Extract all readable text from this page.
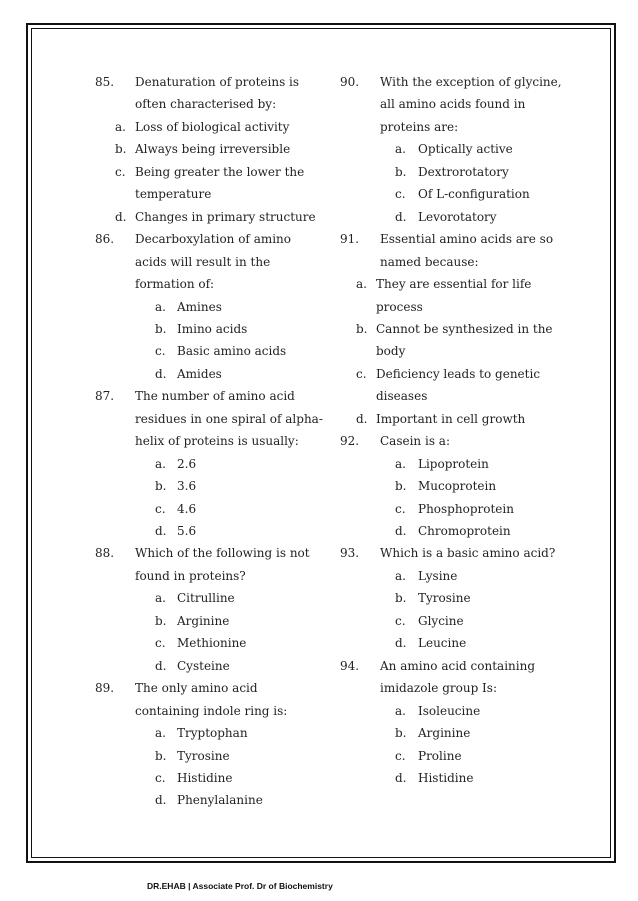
85. Denaturation of proteins is
often characterised by:
a. Loss of biological activity
b. Always being irreversible
c. Being greater the lower the
temperature
d. Changes in primary structure
86. Decarboxylation of amino
acids will result in the
formation of:
a. Amines
b. Imino acids
c. Basic amino acids
d. Amides
87. The number of amino acid
residues in one spiral of alpha-
helix of proteins is usually:
a. 2.6
b. 3.6
c. 4.6
d. 5.6
88. Which of the following is not
found in proteins?
a. Citrulline
b. Arginine
c. Methionine
d. Cysteine
89. The only amino acid
containing indole ring is:
a. Tryptophan
b. Tyrosine
c. Histidine
d. Phenylalanine
90. With the exception of glycine,
all amino acids found in
proteins are:
a. Optically active
b. Dextrorotatory
c. Of L-configuration
d. Levorotatory
91. Essential amino acids are so
named because:
a. They are essential for life
process
b. Cannot be synthesized in the
body
c. Deficiency leads to genetic
diseases
d. Important in cell growth
92. Casein is a:
a. Lipoprotein
b. Mucoprotein
c. Phosphoprotein
d. Chromoprotein
93. Which is a basic amino acid?
a. Lysine
b. Tyrosine
c. Glycine
d. Leucine
94. An amino acid containing
imidazole group Is:
a. Isoleucine
b. Arginine
c. Proline
d. Histidine
DR.EHAB | Associate Prof. Dr of Biochemistry
